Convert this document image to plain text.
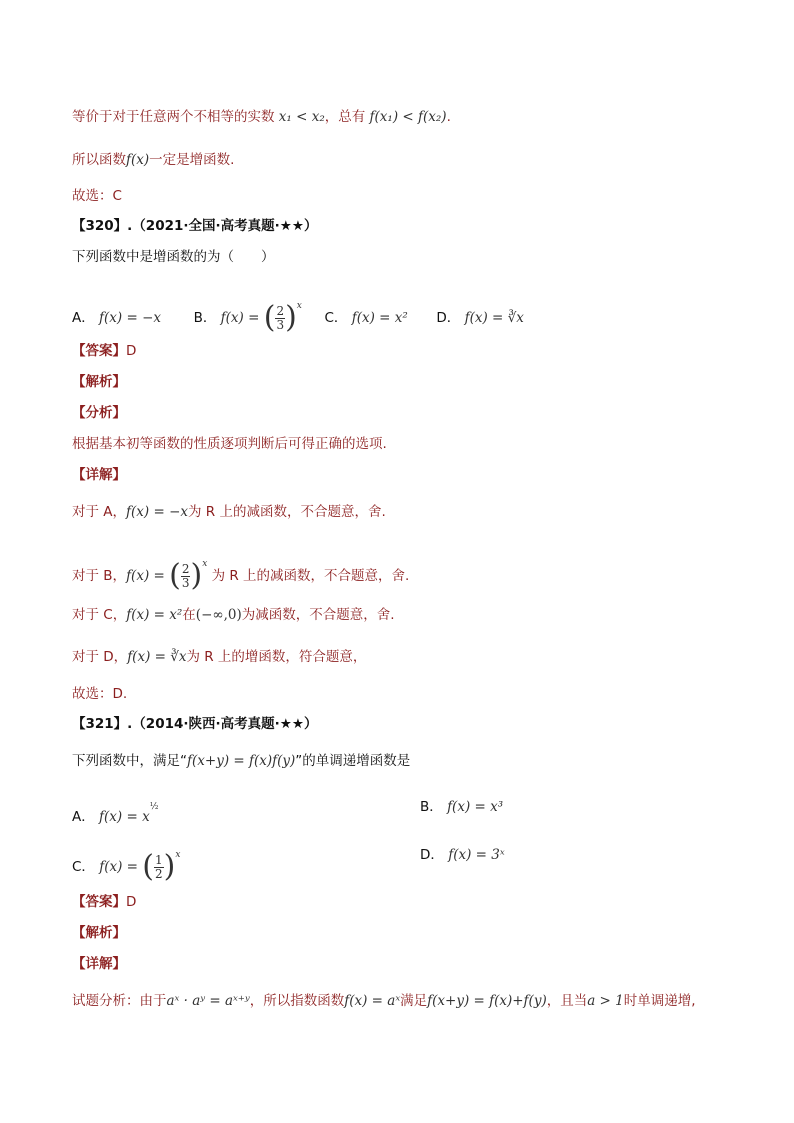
等价于对于任意两个不相等的实数 x₁ < x₂，总有 f(x₁) < f(x₂).
所以函数f(x)一定是增函数.
故选：C
【320】.（2021·全国·高考真题·★★）
下列函数中是增函数的为（　　）
A． f(x) = −x B． f(x) = ( $\frac{2}{3} )^x$  C． f(x) = x² D． f(x) = ∛x
【答案】D
【解析】
【分析】
根据基本初等函数的性质逐项判断后可得正确的选项.
【详解】
对于 A，f(x) = −x为 R 上的减函数，不合题意，舍.
对于 B，f(x) = ( $\frac{2}{3} )^x$ 为 R 上的减函数，不合题意，舍.
对于 C，f(x) = x²在(−∞,0)为减函数，不合题意，舍.
对于 D，f(x) = ∛x为 R 上的增函数，符合题意，
故选：D.
【321】.（2014·陕西·高考真题·★★）
下列函数中，满足“f(x+y) = f(x)f(y)”的单调递增函数是
A． $f(x) = x^{\frac{1}{2}}$	B． f(x) = x³
C． f(x) = ( $\frac{1}{2} )^x$	D． f(x) = 3ˣ
【答案】D
【解析】
【详解】
试题分析：由于aˣ · aʸ = aˣ⁺ʸ，所以指数函数f(x) = aˣ满足f(x+y) = f(x)+f(y)，且当a > 1时单调递增,
